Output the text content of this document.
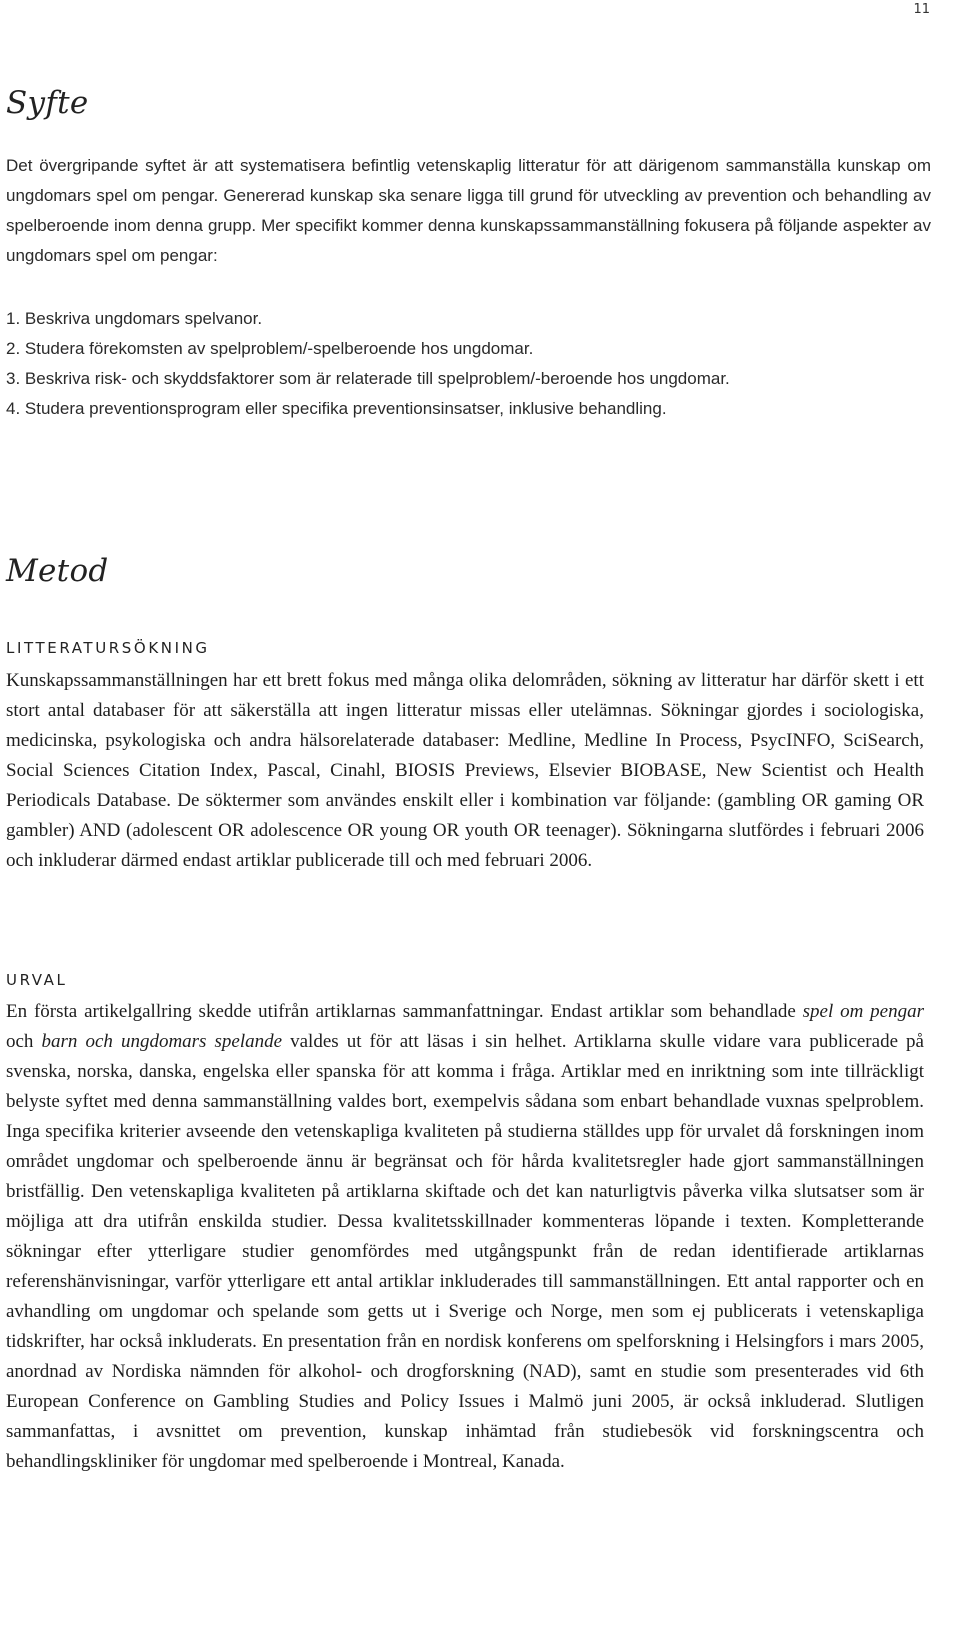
11
Syfte

Det övergripande syftet är att systematisera befintlig vetenskaplig litteratur för att därigenom sammanställa kunskap om ungdomars spel om pengar. Genererad kunskap ska senare ligga till grund för utveckling av prevention och behandling av spelberoende inom denna grupp. Mer specifikt kommer denna kunskapssammanställning fokusera på följande aspekter av ungdomars spel om pengar:

1. Beskriva ungdomars spelvanor.
2. Studera förekomsten av spelproblem/-spelberoende hos ungdomar.
3. Beskriva risk- och skyddsfaktorer som är relaterade till spelproblem/-beroende hos ungdomar.
4. Studera preventionsprogram eller specifika preventionsinsatser, inklusive behandling.
Metod
LITTERATURSÖKNING

Kunskapssammanställningen har ett brett fokus med många olika delområden, sökning av litteratur har därför skett i ett stort antal databaser för att säkerställa att ingen litteratur missas eller utelämnas. Sökningar gjordes i sociologiska, medicinska, psykologiska och andra hälsorelaterade databaser: Medline, Medline In Process, PsycINFO, SciSearch, Social Sciences Citation Index, Pascal, Cinahl, BIOSIS Previews, Elsevier BIOBASE, New Scientist och Health Periodicals Database. De söktermer som användes enskilt eller i kombination var följande: (gambling OR gaming OR gambler) AND (adolescent OR adolescence OR young OR youth OR teenager). Sökningarna slutfördes i februari 2006 och inkluderar därmed endast artiklar publicerade till och med februari 2006.

URVAL

En första artikelgallring skedde utifrån artiklarnas sammanfattningar. Endast artiklar som behandlade spel om pengar och barn och ungdomars spelande valdes ut för att läsas i sin helhet. Artiklarna skulle vidare vara publicerade på svenska, norska, danska, engelska eller spanska för att komma i fråga. Artiklar med en inriktning som inte tillräckligt belyste syftet med denna sammanställning valdes bort, exempelvis sådana som enbart behandlade vuxnas spelproblem. Inga specifika kriterier avseende den vetenskapliga kvaliteten på studierna ställdes upp för urvalet då forskningen inom området ungdomar och spelberoende ännu är begränsat och för hårda kvalitetsregler hade gjort sammanställningen bristfällig. Den vetenskapliga kvaliteten på artiklarna skiftade och det kan naturligtvis påverka vilka slutsatser som är möjliga att dra utifrån enskilda studier. Dessa kvalitetsskillnader kommenteras löpande i texten. Kompletterande sökningar efter ytterligare studier genomfördes med utgångspunkt från de redan identifierade artiklarnas referenshänvisningar, varför ytterligare ett antal artiklar inkluderades till sammanställningen. Ett antal rapporter och en avhandling om ungdomar och spelande som getts ut i Sverige och Norge, men som ej publicerats i vetenskapliga tidskrifter, har också inkluderats. En presentation från en nordisk konferens om spelforskning i Helsingfors i mars 2005, anordnad av Nordiska nämnden för alkohol- och drogforskning (NAD), samt en studie som presenterades vid 6th European Conference on Gambling Studies and Policy Issues i Malmö juni 2005, är också inkluderad. Slutligen sammanfattas, i avsnittet om prevention, kunskap inhämtad från studiebesök vid forskningscentra och behandlingskliniker för ungdomar med spelberoende i Montreal, Kanada.
